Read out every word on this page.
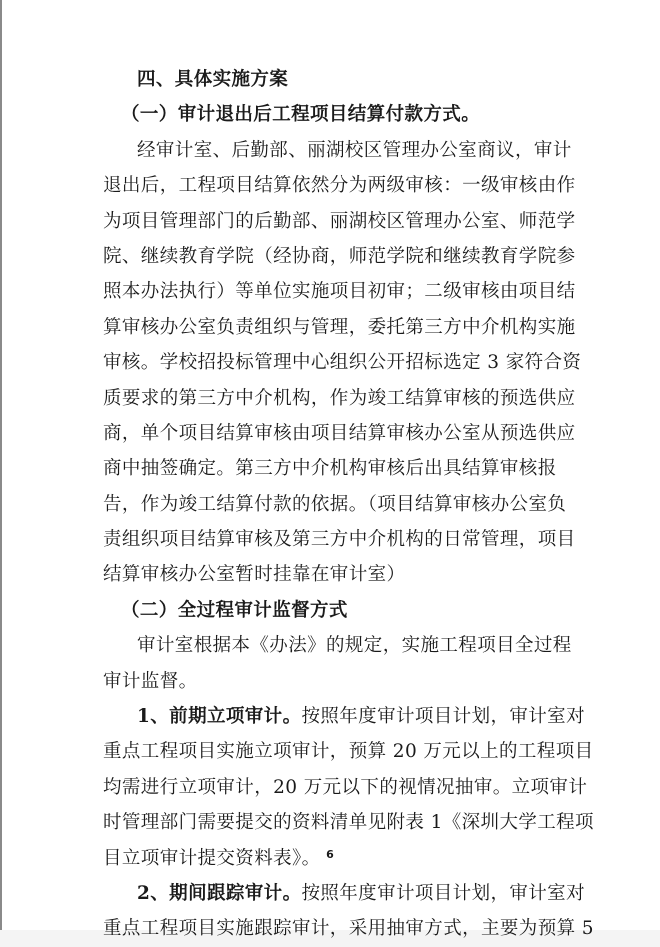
四、具体实施方案
（一）审计退出后工程项目结算付款方式。
经审计室、后勤部、丽湖校区管理办公室商议，审计
退出后，工程项目结算依然分为两级审核：一级审核由作
为项目管理部门的后勤部、丽湖校区管理办公室、师范学
院、继续教育学院（经协商，师范学院和继续教育学院参
照本办法执行）等单位实施项目初审；二级审核由项目结
算审核办公室负责组织与管理，委托第三方中介机构实施
审核。学校招投标管理中心组织公开招标选定 3 家符合资
质要求的第三方中介机构，作为竣工结算审核的预选供应
商，单个项目结算审核由项目结算审核办公室从预选供应
商中抽签确定。第三方中介机构审核后出具结算审核报
告，作为竣工结算付款的依据。（项目结算审核办公室负
责组织项目结算审核及第三方中介机构的日常管理，项目
结算审核办公室暂时挂靠在审计室）
（二）全过程审计监督方式
审计室根据本《办法》的规定，实施工程项目全过程
审计监督。
1、前期立项审计。按照年度审计项目计划，审计室对
重点工程项目实施立项审计，预算 20 万元以上的工程项目
均需进行立项审计，20 万元以下的视情况抽审。立项审计
时管理部门需要提交的资料清单见附表 1《深圳大学工程项
目立项审计提交资料表》。
2、期间跟踪审计。按照年度审计项目计划，审计室对
重点工程项目实施跟踪审计，采用抽审方式，主要为预算 5
6
